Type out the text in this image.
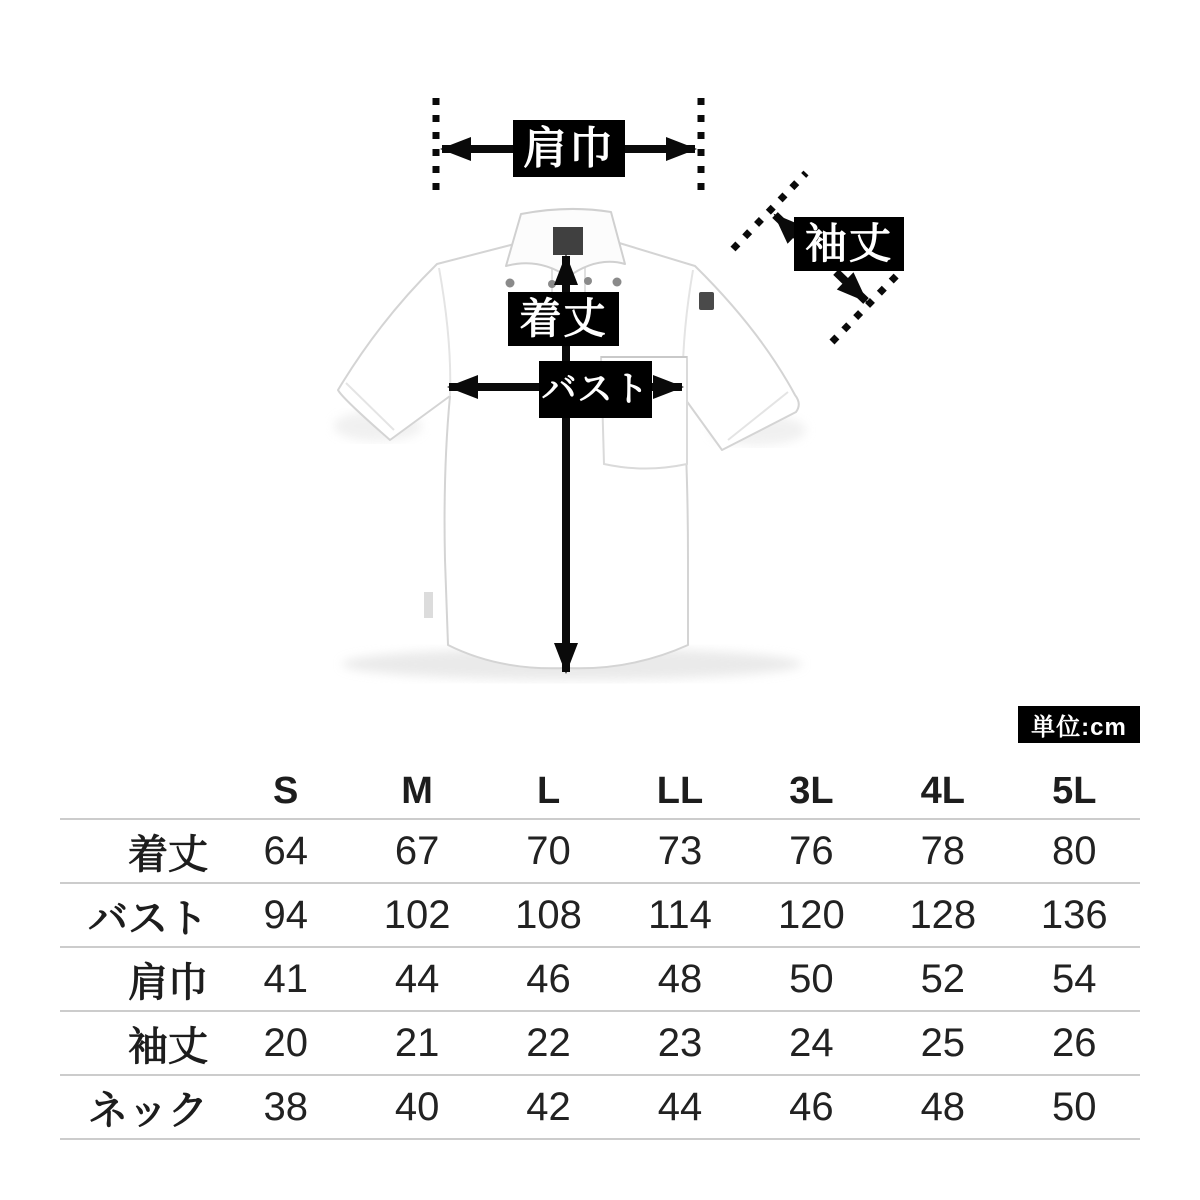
肩巾
袖丈
着丈
バスト
単位:cm
	S	M	L	LL	3L	4L	5L
着丈	64	67	70	73	76	78	80
バスト	94	102	108	114	120	128	136
肩巾	41	44	46	48	50	52	54
袖丈	20	21	22	23	24	25	26
ネック	38	40	42	44	46	48	50
